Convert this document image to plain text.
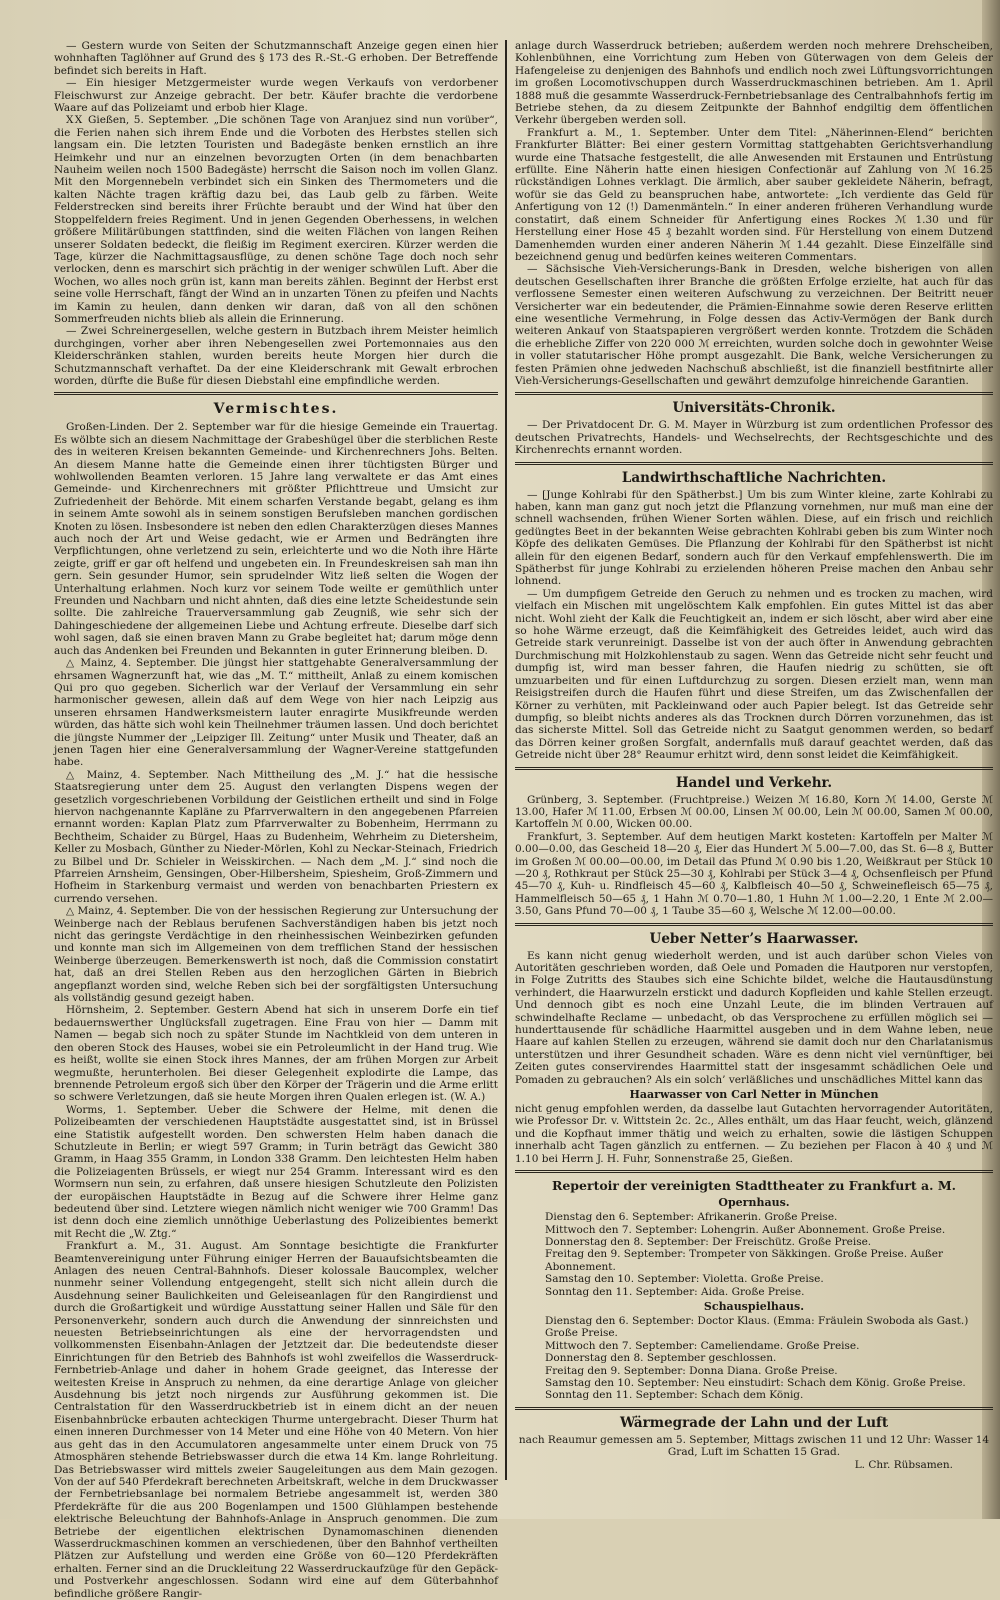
— Gestern wurde von Seiten der Schutzmannschaft Anzeige gegen einen hier wohnhaften Taglöhner auf Grund des § 173 des R.-St.-G erhoben. Der Betreffende befindet sich bereits in Haft.

— Ein hiesiger Metzgermeister wurde wegen Verkaufs von verdorbener Fleischwurst zur Anzeige gebracht. Der betr. Käufer brachte die verdorbene Waare auf das Polizeiamt und erbob hier Klage.

ⅩⅩ Gießen, 5. September. „Die schönen Tage von Aranjuez sind nun vorüber“, die Ferien nahen sich ihrem Ende und die Vorboten des Herbstes stellen sich langsam ein. Die letzten Touristen und Badegäste benken ernstlich an ihre Heimkehr und nur an einzelnen bevorzugten Orten (in dem benachbarten Nauheim weilen noch 1500 Badegäste) herrscht die Saison noch im vollen Glanz. Mit den Morgennebeln verbindet sich ein Sinken des Thermometers und die kalten Nächte tragen kräftig dazu bei, das Laub gelb zu färben. Weite Felderstrecken sind bereits ihrer Früchte beraubt und der Wind hat über den Stoppelfeldern freies Regiment. Und in jenen Gegenden Oberhessens, in welchen größere Militärübungen stattfinden, sind die weiten Flächen von langen Reihen unserer Soldaten bedeckt, die fleißig im Regiment exerciren. Kürzer werden die Tage, kürzer die Nachmittagsausflüge, zu denen schöne Tage doch noch sehr verlocken, denn es marschirt sich prächtig in der weniger schwülen Luft. Aber die Wochen, wo alles noch grün ist, kann man bereits zählen. Beginnt der Herbst erst seine volle Herrschaft, fängt der Wind an in unzarten Tönen zu pfeifen und Nachts im Kamin zu heulen, dann denken wir daran, daß von all den schönen Sommerfreuden nichts blieb als allein die Erinnerung.

— Zwei Schreinergesellen, welche gestern in Butzbach ihrem Meister heimlich durchgingen, vorher aber ihren Nebengesellen zwei Portemonnaies aus den Kleiderschränken stahlen, wurden bereits heute Morgen hier durch die Schutzmannschaft verhaftet. Da der eine Kleiderschrank mit Gewalt erbrochen worden, dürfte die Buße für diesen Diebstahl eine empfindliche werden.

Vermischtes.

Großen-Linden. Der 2. September war für die hiesige Gemeinde ein Trauertag. Es wölbte sich an diesem Nachmittage der Grabeshügel über die sterblichen Reste des in weiteren Kreisen bekannten Gemeinde- und Kirchenrechners Johs. Belten. An diesem Manne hatte die Gemeinde einen ihrer tüchtigsten Bürger und wohlwollenden Beamten verloren. 15 Jahre lang verwaltete er das Amt eines Gemeinde- und Kirchenrechners mit größter Pflichttreue und Umsicht zur Zufriedenheit der Behörde. Mit einem scharfen Verstande begabt, gelang es ihm in seinem Amte sowohl als in seinem sonstigen Berufsleben manchen gordischen Knoten zu lösen. Insbesondere ist neben den edlen Charakterzügen dieses Mannes auch noch der Art und Weise gedacht, wie er Armen und Bedrängten ihre Verpflichtungen, ohne verletzend zu sein, erleichterte und wo die Noth ihre Härte zeigte, griff er gar oft helfend und ungebeten ein. In Freundeskreisen sah man ihn gern. Sein gesunder Humor, sein sprudelnder Witz ließ selten die Wogen der Unterhaltung erlahmen. Noch kurz vor seinem Tode weilte er gemüthlich unter Freunden und Nachbarn und nicht ahnten, daß dies eine letzte Scheidestunde sein sollte. Die zahlreiche Trauerversammlung gab Zeugniß, wie sehr sich der Dahingeschiedene der allgemeinen Liebe und Achtung erfreute. Dieselbe darf sich wohl sagen, daß sie einen braven Mann zu Grabe begleitet hat; darum möge denn auch das Andenken bei Freunden und Bekannten in guter Erinnerung bleiben. D.

△ Mainz, 4. September. Die jüngst hier stattgehabte Generalversammlung der ehrsamen Wagnerzunft hat, wie das „M. T.“ mittheilt, Anlaß zu einem komischen Qui pro quo gegeben. Sicherlich war der Verlauf der Versammlung ein sehr harmonischer gewesen, allein daß auf dem Wege von hier nach Leipzig aus unseren ehrsamen Handwerksmeistern lauter enragirte Musikfreunde werden würden, das hätte sich wohl kein Theilnehmer träumen lassen. Und doch berichtet die jüngste Nummer der „Leipziger Ill. Zeitung“ unter Musik und Theater, daß an jenen Tagen hier eine Generalversammlung der Wagner-Vereine stattgefunden habe.

△ Mainz, 4. September. Nach Mittheilung des „M. J.“ hat die hessische Staatsregierung unter dem 25. August den verlangten Dispens wegen der gesetzlich vorgeschriebenen Vorbildung der Geistlichen ertheilt und sind in Folge hiervon nachgenannte Kapläne zu Pfarrverwaltern in den angegebenen Pfarreien ernannt worden: Kaplan Platz zum Pfarrverwalter zu Bobenheim, Herrmann zu Bechtheim, Schaider zu Bürgel, Haas zu Budenheim, Wehrheim zu Dietersheim, Keller zu Mosbach, Günther zu Nieder-Mörlen, Kohl zu Neckar-Steinach, Friedrich zu Bilbel und Dr. Schieler in Weisskirchen. — Nach dem „M. J.“ sind noch die Pfarreien Arnsheim, Gensingen, Ober-Hilbersheim, Spiesheim, Groß-Zimmern und Hofheim in Starkenburg vermaist und werden von benachbarten Priestern ex currendo versehen.

△ Mainz, 4. September. Die von der hessischen Regierung zur Untersuchung der Weinberge nach der Reblaus berufenen Sachverständigen haben bis jetzt noch nicht das geringste Verdächtige in den rheinhessischen Weinbezirken gefunden und konnte man sich im Allgemeinen von dem trefflichen Stand der hessischen Weinberge überzeugen. Bemerkenswerth ist noch, daß die Commission constatirt hat, daß an drei Stellen Reben aus den herzoglichen Gärten in Biebrich angepflanzt worden sind, welche Reben sich bei der sorgfältigsten Untersuchung als vollständig gesund gezeigt haben.

Hörnsheim, 2. September. Gestern Abend hat sich in unserem Dorfe ein tief bedauernswerther Unglücksfall zugetragen. Eine Frau von hier — Damm mit Namen — begab sich noch zu später Stunde im Nachtkleid von dem unteren in den oberen Stock des Hauses, wobei sie ein Petroleumlicht in der Hand trug. Wie es heißt, wollte sie einen Stock ihres Mannes, der am frühen Morgen zur Arbeit wegmußte, herunterholen. Bei dieser Gelegenheit explodirte die Lampe, das brennende Petroleum ergoß sich über den Körper der Trägerin und die Arme erlitt so schwere Verletzungen, daß sie heute Morgen ihren Qualen erlegen ist. (W. A.)

Worms, 1. September. Ueber die Schwere der Helme, mit denen die Polizeibeamten der verschiedenen Hauptstädte ausgestattet sind, ist in Brüssel eine Statistik aufgestellt worden. Den schwersten Helm haben danach die Schutzleute in Berlin; er wiegt 597 Gramm; in Turin beträgt das Gewicht 380 Gramm, in Haag 355 Gramm, in London 338 Gramm. Den leichtesten Helm haben die Polizeiagenten Brüssels, er wiegt nur 254 Gramm. Interessant wird es den Wormsern nun sein, zu erfahren, daß unsere hiesigen Schutzleute den Polizisten der europäischen Hauptstädte in Bezug auf die Schwere ihrer Helme ganz bedeutend über sind. Letztere wiegen nämlich nicht weniger wie 700 Gramm! Das ist denn doch eine ziemlich unnöthige Ueberlastung des Polizeibientes bemerkt mit Recht die „W. Ztg.“

Frankfurt a. M., 31. August. Am Sonntage besichtigte die Frankfurter Beamtenvereinigung unter Führung einiger Herren der Bauaufsichtsbeamten die Anlagen des neuen Central-Bahnhofs. Dieser kolossale Baucomplex, welcher nunmehr seiner Vollendung entgegengeht, stellt sich nicht allein durch die Ausdehnung seiner Baulichkeiten und Geleiseanlagen für den Rangirdienst und durch die Großartigkeit und würdige Ausstattung seiner Hallen und Säle für den Personenverkehr, sondern auch durch die Anwendung der sinnreichsten und neuesten Betriebseinrichtungen als eine der hervorragendsten und vollkommensten Eisenbahn-Anlagen der Jetztzeit dar. Die bedeutendste dieser Einrichtungen für den Betrieb des Bahnhofs ist wohl zweifellos die Wasserdruck-Fernbetrieb-Anlage und daher in hohem Grade geeignet, das Interesse der weitesten Kreise in Anspruch zu nehmen, da eine derartige Anlage von gleicher Ausdehnung bis jetzt noch nirgends zur Ausführung gekommen ist. Die Centralstation für den Wasserdruckbetrieb ist in einem dicht an der neuen Eisenbahnbrücke erbauten achteckigen Thurme untergebracht. Dieser Thurm hat einen inneren Durchmesser von 14 Meter und eine Höhe von 40 Metern. Von hier aus geht das in den Accumulatoren angesammelte unter einem Druck von 75 Atmosphären stehende Betriebswasser durch die etwa 14 Km. lange Rohrleitung. Das Betriebswasser wird mittels zweier Saugeleitungen aus dem Main gezogen. Von der auf 540 Pferdekraft berechneten Arbeitskraft, welche in dem Druckwasser der Fernbetriebsanlage bei normalem Betriebe angesammelt ist, werden 380 Pferdekräfte für die aus 200 Bogenlampen und 1500 Glühlampen bestehende elektrische Beleuchtung der Bahnhofs-Anlage in Anspruch genommen. Die zum Betriebe der eigentlichen elektrischen Dynamomaschinen dienenden Wasserdruckmaschinen kommen an verschiedenen, über den Bahnhof vertheilten Plätzen zur Aufstellung und werden eine Größe von 60—120 Pferdekräften erhalten. Ferner sind an die Druckleitung 22 Wasserdruckaufzüge für den Gepäck- und Postverkehr angeschlossen. Sodann wird eine auf dem Güterbahnhof befindliche größere Rangir-

anlage durch Wasserdruck betrieben; außerdem werden noch mehrere Drehscheiben, Kohlenbühnen, eine Vorrichtung zum Heben von Güterwagen von dem Geleis der Hafengeleise zu denjenigen des Bahnhofs und endlich noch zwei Lüftungsvorrichtungen im großen Locomotivschuppen durch Wasserdruckmaschinen betrieben. Am 1. April 1888 muß die gesammte Wasserdruck-Fernbetriebsanlage des Centralbahnhofs fertig im Betriebe stehen, da zu diesem Zeitpunkte der Bahnhof endgiltig dem öffentlichen Verkehr übergeben werden soll.

Frankfurt a. M., 1. September. Unter dem Titel: „Näherinnen-Elend“ berichten Frankfurter Blätter: Bei einer gestern Vormittag stattgehabten Gerichtsverhandlung wurde eine Thatsache festgestellt, die alle Anwesenden mit Erstaunen und Entrüstung erfüllte. Eine Näherin hatte einen hiesigen Confectionär auf Zahlung von ℳ 16.25 rückständigen Lohnes verklagt. Die ärmlich, aber sauber gekleidete Näherin, befragt, wofür sie das Geld zu beanspruchen habe, antwortete: „Ich verdiente das Geld für Anfertigung von 12 (!) Damenmänteln.“ In einer anderen früheren Verhandlung wurde constatirt, daß einem Schneider für Anfertigung eines Rockes ℳ 1.30 und für Herstellung einer Hose 45 ₰ bezahlt worden sind. Für Herstellung von einem Dutzend Damenhemden wurden einer anderen Näherin ℳ 1.44 gezahlt. Diese Einzelfälle sind bezeichnend genug und bedürfen keines weiteren Commentars.

— Sächsische Vieh-Versicherungs-Bank in Dresden, welche bisherigen von allen deutschen Gesellschaften ihrer Branche die größten Erfolge erzielte, hat auch für das verflossene Semester einen weiteren Aufschwung zu verzeichnen. Der Beitritt neuer Versicherter war ein bedeutender, die Prämien-Einnahme sowie deren Reserve erlitten eine wesentliche Vermehrung, in Folge dessen das Activ-Vermögen der Bank durch weiteren Ankauf von Staatspapieren vergrößert werden konnte. Trotzdem die Schäden die erhebliche Ziffer von 220 000 ℳ erreichten, wurden solche doch in gewohnter Weise in voller statutarischer Höhe prompt ausgezahlt. Die Bank, welche Versicherungen zu festen Prämien ohne jedweden Nachschuß abschließt, ist die finanziell bestfitnirte aller Vieh-Versicherungs-Gesellschaften und gewährt demzufolge hinreichende Garantien.

Universitäts-Chronik.

— Der Privatdocent Dr. G. M. Mayer in Würzburg ist zum ordentlichen Professor des deutschen Privatrechts, Handels- und Wechselrechts, der Rechtsgeschichte und des Kirchenrechts ernannt worden.

Landwirthschaftliche Nachrichten.

— [Junge Kohlrabi für den Spätherbst.] Um bis zum Winter kleine, zarte Kohlrabi zu haben, kann man ganz gut noch jetzt die Pflanzung vornehmen, nur muß man eine der schnell wachsenden, frühen Wiener Sorten wählen. Diese, auf ein frisch und reichlich gedüngtes Beet in der bekannten Weise gebrachten Kohlrabi geben bis zum Winter noch Köpfe des delikaten Gemüses. Die Pflanzung der Kohlrabi für den Spätherbst ist nicht allein für den eigenen Bedarf, sondern auch für den Verkauf empfehlenswerth. Die im Spätherbst für junge Kohlrabi zu erzielenden höheren Preise machen den Anbau sehr lohnend.

— Um dumpfigem Getreide den Geruch zu nehmen und es trocken zu machen, wird vielfach ein Mischen mit ungelöschtem Kalk empfohlen. Ein gutes Mittel ist das aber nicht. Wohl zieht der Kalk die Feuchtigkeit an, indem er sich löscht, aber wird aber eine so hohe Wärme erzeugt, daß die Keimfähigkeit des Getreides leidet, auch wird das Getreide stark verunreinigt. Dasselbe ist von der auch öfter in Anwendung gebrachten Durchmischung mit Holzkohlenstaub zu sagen. Wenn das Getreide nicht sehr feucht und dumpfig ist, wird man besser fahren, die Haufen niedrig zu schütten, sie oft umzuarbeiten und für einen Luftdurchzug zu sorgen. Diesen erzielt man, wenn man Reisigstreifen durch die Haufen führt und diese Streifen, um das Zwischenfallen der Körner zu verhüten, mit Packleinwand oder auch Papier belegt. Ist das Getreide sehr dumpfig, so bleibt nichts anderes als das Trocknen durch Dörren vorzunehmen, das ist das sicherste Mittel. Soll das Getreide nicht zu Saatgut genommen werden, so bedarf das Dörren keiner großen Sorgfalt, andernfalls muß darauf geachtet werden, daß das Getreide nicht über 28° Reaumur erhitzt wird, denn sonst leidet die Keimfähigkeit.

Handel und Verkehr.

Grünberg, 3. September. (Fruchtpreise.) Weizen ℳ 16.80, Korn ℳ 14.00, Gerste ℳ 13.00, Hafer ℳ 11.00, Erbsen ℳ 00.00, Linsen ℳ 00.00, Lein ℳ 00.00, Samen ℳ 00.00, Kartoffeln ℳ 0.00, Wicken 00.00.

Frankfurt, 3. September. Auf dem heutigen Markt kosteten: Kartoffeln per Malter ℳ 0.00—0.00, das Gescheid 18—20 ₰, Eier das Hundert ℳ 5.00—7.00, das St. 6—8 ₰, Butter im Großen ℳ 00.00—00.00, im Detail das Pfund ℳ 0.90 bis 1.20, Weißkraut per Stück 10—20 ₰, Rothkraut per Stück 25—30 ₰, Kohlrabi per Stück 3—4 ₰, Ochsenfleisch per Pfund 45—70 ₰, Kuh- u. Rindfleisch 45—60 ₰, Kalbfleisch 40—50 ₰, Schweinefleisch 65—75 ₰, Hammelfleisch 50—65 ₰, 1 Hahn ℳ 0.70—1.80, 1 Huhn ℳ 1.00—2.20, 1 Ente ℳ 2.00—3.50, Gans Pfund 70—00 ₰, 1 Taube 35—60 ₰, Welsche ℳ 12.00—00.00.

Ueber Netter’s Haarwasser.

Es kann nicht genug wiederholt werden, und ist auch darüber schon Vieles von Autoritäten geschrieben worden, daß Oele und Pomaden die Hautporen nur verstopfen, in Folge Zutritts des Staubes sich eine Schichte bildet, welche die Hautausdünstung verhindert, die Haarwurzeln erstickt und dadurch Kopfleiden und kahle Stellen erzeugt. Und dennoch gibt es noch eine Unzahl Leute, die im blinden Vertrauen auf schwindelhafte Reclame — unbedacht, ob das Versprochene zu erfüllen möglich sei — hunderttausende für schädliche Haarmittel ausgeben und in dem Wahne leben, neue Haare auf kahlen Stellen zu erzeugen, während sie damit doch nur den Charlatanismus unterstützen und ihrer Gesundheit schaden. Wäre es denn nicht viel vernünftiger, bei Zeiten gutes conservirendes Haarmittel statt der insgesammt schädlichen Oele und Pomaden zu gebrauchen? Als ein solch’ verläßliches und unschädliches Mittel kann das

Haarwasser von Carl Netter in München

nicht genug empfohlen werden, da dasselbe laut Gutachten hervorragender Autoritäten, wie Professor Dr. v. Wittstein 2c. 2c., Alles enthält, um das Haar feucht, weich, glänzend und die Kopfhaut immer thätig und weich zu erhalten, sowie die lästigen Schuppen innerhalb acht Tagen gänzlich zu entfernen. — Zu beziehen per Flacon à 40 ₰ und ℳ 1.10 bei Herrn J. H. Fuhr, Sonnenstraße 25, Gießen.

Repertoir der vereinigten Stadttheater zu Frankfurt a. M.
Opernhaus.

Dienstag den 6. September: Afrikanerin. Große Preise.

Mittwoch den 7. September: Lohengrin. Außer Abonnement. Große Preise.

Donnerstag den 8. September: Der Freischütz. Große Preise.

Freitag den 9. September: Trompeter von Säkkingen. Große Preise. Außer Abonnement.

Samstag den 10. September: Violetta. Große Preise.

Sonntag den 11. September: Aida. Große Preise.

Schauspielhaus.

Dienstag den 6. September: Doctor Klaus. (Emma: Fräulein Swoboda als Gast.) Große Preise.

Mittwoch den 7. September: Cameliendame. Große Preise.

Donnerstag den 8. September geschlossen.

Freitag den 9. September: Donna Diana. Große Preise.

Samstag den 10. September: Neu einstudirt: Schach dem König. Große Preise.

Sonntag den 11. September: Schach dem König.

Wärmegrade der Lahn und der Luft

nach Reaumur gemessen am 5. September, Mittags zwischen 11 und 12 Uhr: Wasser 14 Grad, Luft im Schatten 15 Grad.

L. Chr. Rübsamen.
